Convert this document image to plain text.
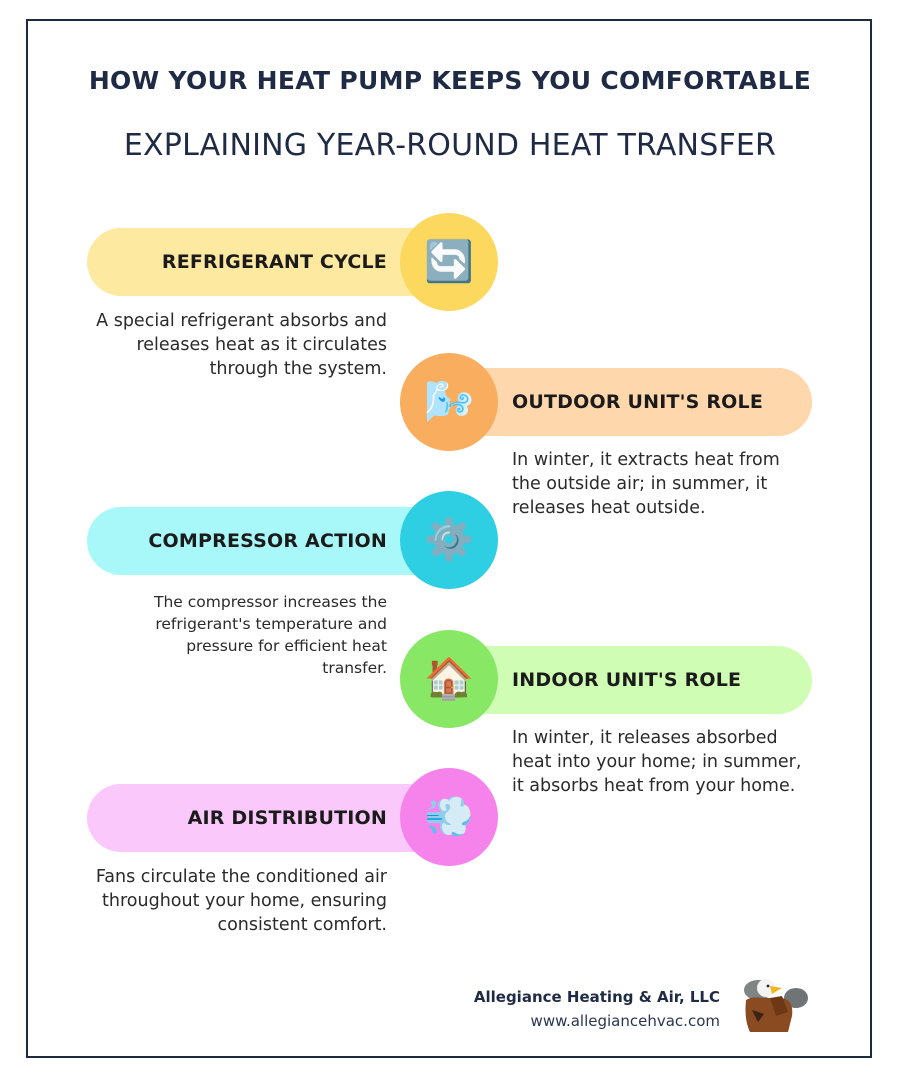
HOW YOUR HEAT PUMP KEEPS YOU COMFORTABLE
EXPLAINING YEAR-ROUND HEAT TRANSFER
REFRIGERANT CYCLE 🔄
A special refrigerant absorbs and releases heat as it circulates through the system.
OUTDOOR UNIT'S ROLE
🌬️
In winter, it extracts heat from the outside air; in summer, it releases heat outside.
COMPRESSOR ACTION ⚙️
The compressor increases the refrigerant's temperature and pressure for efficient heat transfer.
INDOOR UNIT'S ROLE
🏠
In winter, it releases absorbed heat into your home; in summer, it absorbs heat from your home.
AIR DISTRIBUTION 💨
Fans circulate the conditioned air throughout your home, ensuring consistent comfort.
Allegiance Heating & Air, LLC
www.allegiancehvac.com
